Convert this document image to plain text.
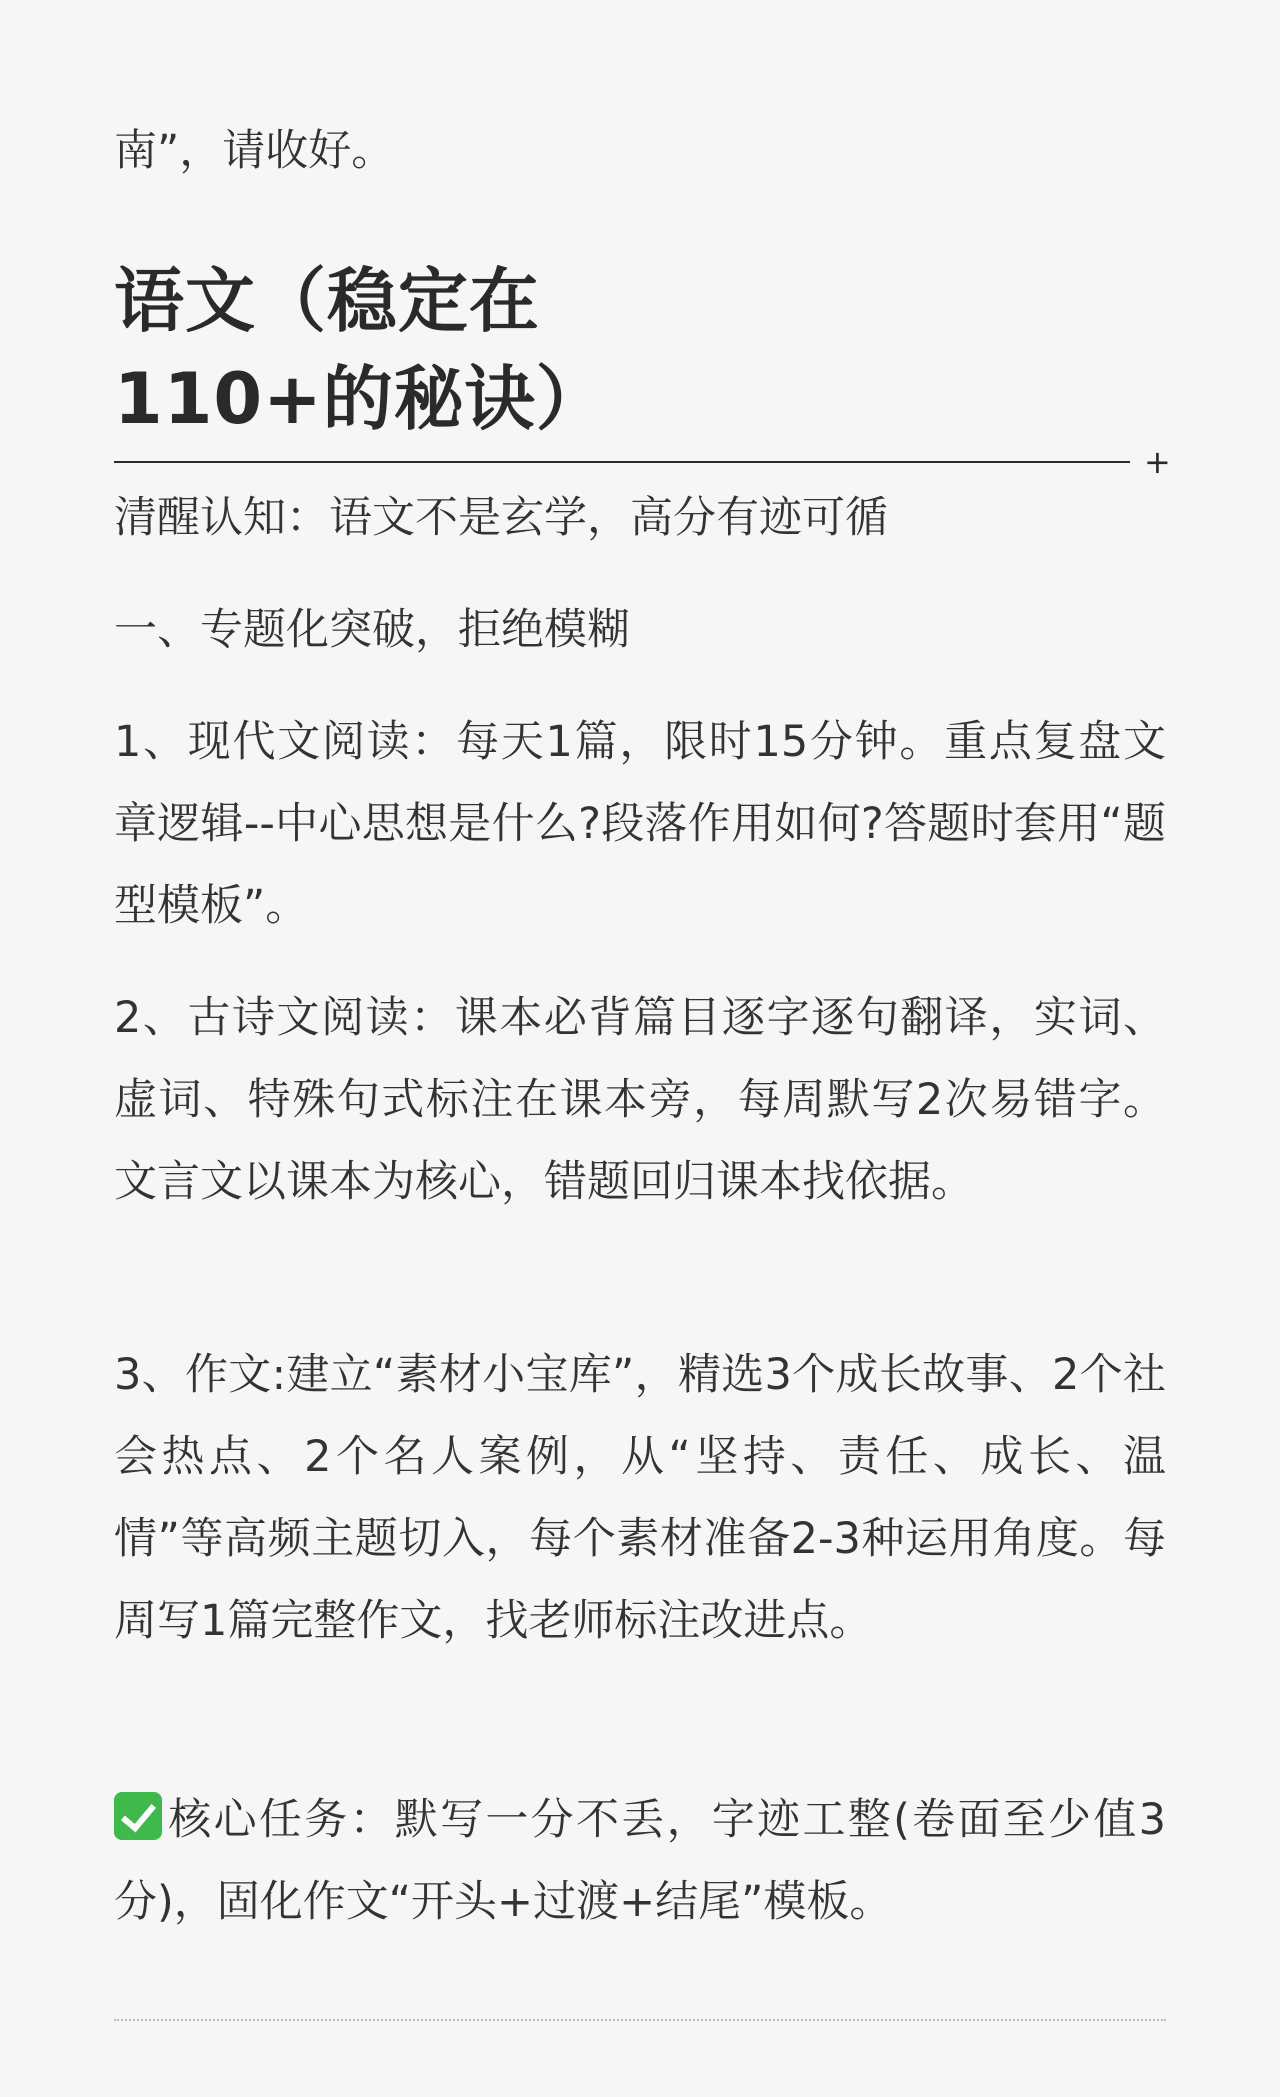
南”，请收好。
语文（稳定在
110+的秘诀）
+
清醒认知：语文不是玄学，高分有迹可循
一、专题化突破，拒绝模糊
1、现代文阅读：每天1篇，限时15分钟。重点复盘文章逻辑--中心思想是什么?段落作用如何?答题时套用“题型模板”。
2、古诗文阅读：课本必背篇目逐字逐句翻译，实词、虚词、特殊句式标注在课本旁，每周默写2次易错字。文言文以课本为核心，错题回归课本找依据。
3、作文:建立“素材小宝库”，精选3个成长故事、2个社会热点、2个名人案例，从“坚持、责任、成长、温情”等高频主题切入，每个素材准备2-3种运用角度。每周写1篇完整作文，找老师标注改进点。
核心任务：默写一分不丢，字迹工整(卷面至少值3分)，固化作文“开头+过渡+结尾”模板。
